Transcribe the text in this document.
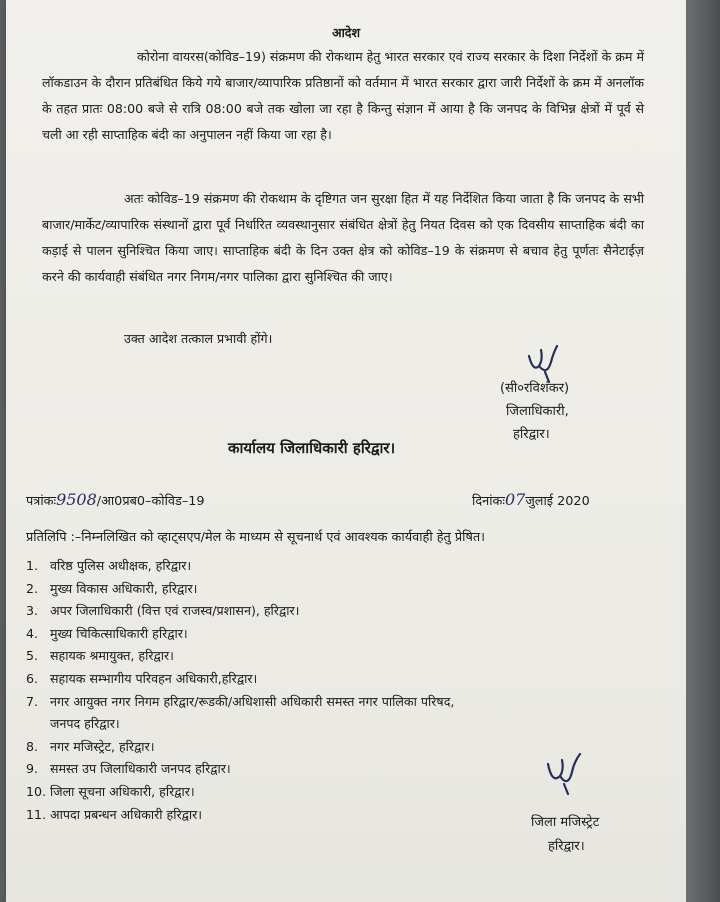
आदेश
कोरोना वायरस(कोविड–19) संक्रमण की रोकथाम हेतु भारत सरकार एवं राज्य सरकार के दिशा निर्देशों के क्रम में लॉकडाउन के दौरान प्रतिबंधित किये गये बाजार/व्यापारिक प्रतिष्ठानों को वर्तमान में भारत सरकार द्वारा जारी निर्देशों के क्रम में अनलॉक के तहत प्रातः 08:00 बजे से रात्रि 08:00 बजे तक खोला जा रहा है किन्तु संज्ञान में आया है कि जनपद के विभिन्न क्षेत्रों में पूर्व से चली आ रही साप्ताहिक बंदी का अनुपालन नहीं किया जा रहा है।
अतः कोविड–19 संक्रमण की रोकथाम के दृष्टिगत जन सुरक्षा हित में यह निर्देशित किया जाता है कि जनपद के सभी बाजार/मार्केट/व्यापारिक संस्थानों द्वारा पूर्व निर्धारित व्यवस्थानुसार संबंधित क्षेत्रों हेतु नियत दिवस को एक दिवसीय साप्ताहिक बंदी का कड़ाई से पालन सुनिश्चित किया जाए। साप्ताहिक बंदी के दिन उक्त क्षेत्र को कोविड–19 के संक्रमण से बचाव हेतु पूर्णतः सैनेटाईज़ करने की कार्यवाही संबंधित नगर निगम/नगर पालिका द्वारा सुनिश्चित की जाए।
उक्त आदेश तत्काल प्रभावी होंगे।
(सी०रविशंकर)
जिलाधिकारी,
हरिद्वार।
कार्यालय जिलाधिकारी हरिद्वार।
पत्रांकः9508/आ0प्रब0–कोविड–19	दिनांकः07जुलाई 2020
प्रतिलिपि :–निम्नलिखित को व्हाट्सएप/मेल के माध्यम से सूचनार्थ एवं आवश्यक कार्यवाही हेतु प्रेषित।
1. वरिष्ठ पुलिस अधीक्षक, हरिद्वार।
2. मुख्य विकास अधिकारी, हरिद्वार।
3. अपर जिलाधिकारी (वित्त एवं राजस्व/प्रशासन), हरिद्वार।
4. मुख्य चिकित्साधिकारी हरिद्वार।
5. सहायक श्रमायुक्त, हरिद्वार।
6. सहायक सम्भागीय परिवहन अधिकारी,हरिद्वार।
7. नगर आयुक्त नगर निगम हरिद्वार/रूडकी/अधिशासी अधिकारी समस्त नगर पालिका परिषद,
जनपद हरिद्वार।
8. नगर मजिस्ट्रेट, हरिद्वार।
9. समस्त उप जिलाधिकारी जनपद हरिद्वार।
10. जिला सूचना अधिकारी, हरिद्वार।
11. आपदा प्रबन्धन अधिकारी हरिद्वार।
जिला मजिस्ट्रेट
हरिद्वार।
